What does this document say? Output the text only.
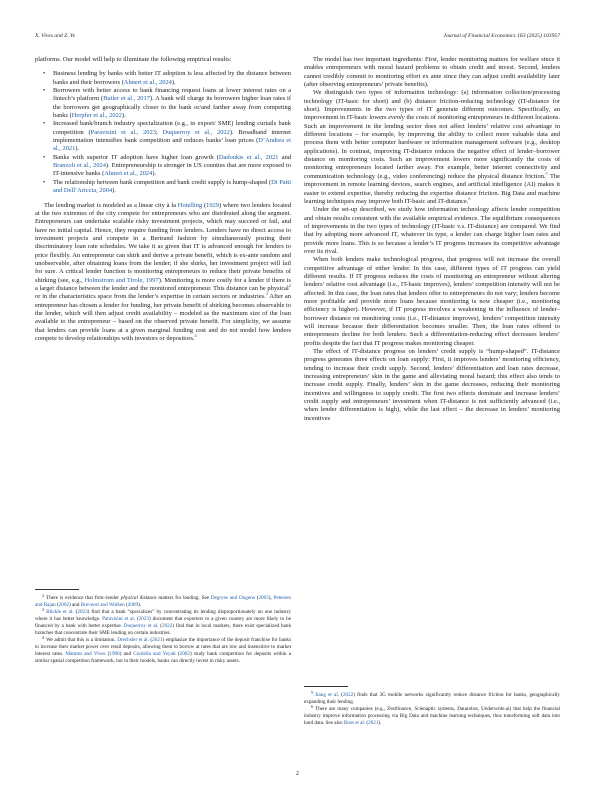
X. Vives and Z. Ye	Journal of Financial Economics 163 (2025) 103957

platforms. Our model will help to illuminate the following empirical results:

• Business lending by banks with better IT adoption is less affected by the distance between banks and their borrowers (Ahnert et al., 2024).
• Borrowers with better access to bank financing request loans at lower interest rates on a fintech’s platform (Butler et al., 2017). A bank will charge its borrowers higher loan rates if the borrowers get geographically closer to the bank or/and farther away from competing banks (Herpfer et al., 2022).
• Increased bank/branch industry specialization (e.g., in export/ SME) lending curtails bank competition (Paravisini et al., 2023; Duquerroy et al., 2022). Broadband internet implementation intensifies bank competition and reduces banks’ loan prices (D’Andrea et al., 2021).
• Banks with superior IT adoption have higher loan growth (Dadoukis et al., 2021 and Branzoli et al., 2024). Entrepreneurship is stronger in US counties that are more exposed to IT-intensive banks (Ahnert et al., 2024).
• The relationship between bank competition and bank credit supply is hump-shaped (Di Patti and Dell’Ariccia, 2004).

The lending market is modeled as a linear city à la Hotelling (1929) where two lenders located at the two extremes of the city compete for entrepreneurs who are distributed along the segment. Entrepreneurs can undertake scalable risky investment projects, which may succeed or fail, and have no initial capital. Hence, they require funding from lenders. Lenders have no direct access to investment projects and compete in a Bertrand fashion by simultaneously posting their discriminatory loan rate schedules. We take it as given that IT is advanced enough for lenders to price flexibly. An entrepreneur can shirk and derive a private benefit, which is ex-ante random and unobservable, after obtaining loans from the lender; if she shirks, her investment project will fail for sure. A critical lender function is monitoring entrepreneurs to reduce their private benefits of shirking (see, e.g., Holmstrom and Tirole, 1997). Monitoring is more costly for a lender if there is a larger distance between the lender and the monitored entrepreneur. This distance can be physical$^2$ or in the characteristics space from the lender’s expertise in certain sectors or industries.$^3$ After an entrepreneur has chosen a lender for funding, her private benefit of shirking becomes observable to the lender, which will then adjust credit availability – modeled as the maximum size of the loan available to the entrepreneur – based on the observed private benefit. For simplicity, we assume that lenders can provide loans at a given marginal funding cost and do not model how lenders compete to develop relationships with investors or depositors.$^4$

$^2$ There is evidence that firm–lender physical distance matters for lending. See Degryse and Ongena (2005), Petersen and Rajan (2002) and Brevoort and Wolken (2009).

$^3$ Blickle et al. (2023) find that a bank “specializes” by concentrating its lending disproportionately on one industry where it has better knowledge. Paravisini et al. (2023) document that exporters to a given country are more likely to be financed by a bank with better expertise. Duquerroy et al. (2022) find that in local markets, there exist specialized bank branches that concentrate their SME lending on certain industries.

$^4$ We admit that this is a limitation. Drechsler et al. (2021) emphasize the importance of the deposit franchise for banks to increase their market power over retail deposits, allowing them to borrow at rates that are low and insensitive to market interest rates. Matutes and Vives (1996) and Cordella and Yeyati (2002) study bank competition for deposits within a similar spatial competition framework, but in their models, banks can directly invest in risky assets.

The model has two important ingredients: First, lender monitoring matters for welfare since it enables entrepreneurs with moral hazard problems to obtain credit and invest. Second, lenders cannot credibly commit to monitoring effort ex ante since they can adjust credit availability later (after observing entrepreneurs’ private benefits).

We distinguish two types of information technology: (a) information collection/processing technology (IT-basic for short) and (b) distance friction-reducing technology (IT-distance for short). Improvements in the two types of IT generate different outcomes. Specifically, an improvement in IT-basic lowers evenly the costs of monitoring entrepreneurs in different locations. Such an improvement in the lending sector does not affect lenders’ relative cost advantage in different locations – for example, by improving the ability to collect more valuable data and process them with better computer hardware or information management software (e.g., desktop applications). In contrast, improving IT-distance reduces the negative effect of lender–borrower distance on monitoring costs. Such an improvement lowers more significantly the costs of monitoring entrepreneurs located farther away. For example, better internet connectivity and communication technology (e.g., video conferencing) reduce the physical distance friction.$^5$ The improvement in remote learning devices, search engines, and artificial intelligence (AI) makes it easier to extend expertise, thereby reducing the expertise distance friction. Big Data and machine learning techniques may improve both IT-basic and IT-distance.$^6$

Under the set-up described, we study how information technology affects lender competition and obtain results consistent with the available empirical evidence. The equilibrium consequences of improvements in the two types of technology (IT-basic v.s. IT-distance) are compared. We find that by adopting more advanced IT, whatever its type, a lender can charge higher loan rates and provide more loans. This is so because a lender’s IT progress increases its competitive advantage over its rival.

When both lenders make technological progress, that progress will not increase the overall competitive advantage of either lender. In this case, different types of IT progress can yield different results. If IT progress reduces the costs of monitoring an entrepreneur without altering lenders’ relative cost advantage (i.e., IT-basic improves), lenders’ competition intensity will not be affected. In this case, the loan rates that lenders offer to entrepreneurs do not vary; lenders become more profitable and provide more loans because monitoring is now cheaper (i.e., monitoring efficiency is higher). However, if IT progress involves a weakening in the influence of lender–borrower distance on monitoring costs (i.e., IT-distance improves), lenders’ competition intensity will increase because their differentiation becomes smaller. Then, the loan rates offered to entrepreneurs decline for both lenders. Such a differentiation-reducing effect decreases lenders’ profits despite the fact that IT progress makes monitoring cheaper.

The effect of IT-distance progress on lenders’ credit supply is “hump-shaped”. IT-distance progress generates three effects on loan supply: First, it improves lenders’ monitoring efficiency, tending to increase their credit supply. Second, lenders’ differentiation and loan rates decrease, increasing entrepreneurs’ skin in the game and alleviating moral hazard; this effect also tends to increase credit supply. Finally, lenders’ skin in the game decreases, reducing their monitoring incentives and willingness to supply credit. The first two effects dominate and increase lenders’ credit supply and entrepreneurs’ investment when IT-distance is not sufficiently advanced (i.e., when lender differentiation is high), while the last effect – the decrease in lenders’ monitoring incentives

$^5$ Jiang et al. (2022) finds that 3G mobile networks significantly reduce distance friction for banks, geographically expanding their lending.

$^6$ There are many companies (e.g., Zestfinance, Scienaptic systems, Datarobot, Underwrite.ai) that help the financial industry improve information processing via Big Data and machine learning techniques, thus transforming soft data into hard data. See also Boot et al. (2021).

2
